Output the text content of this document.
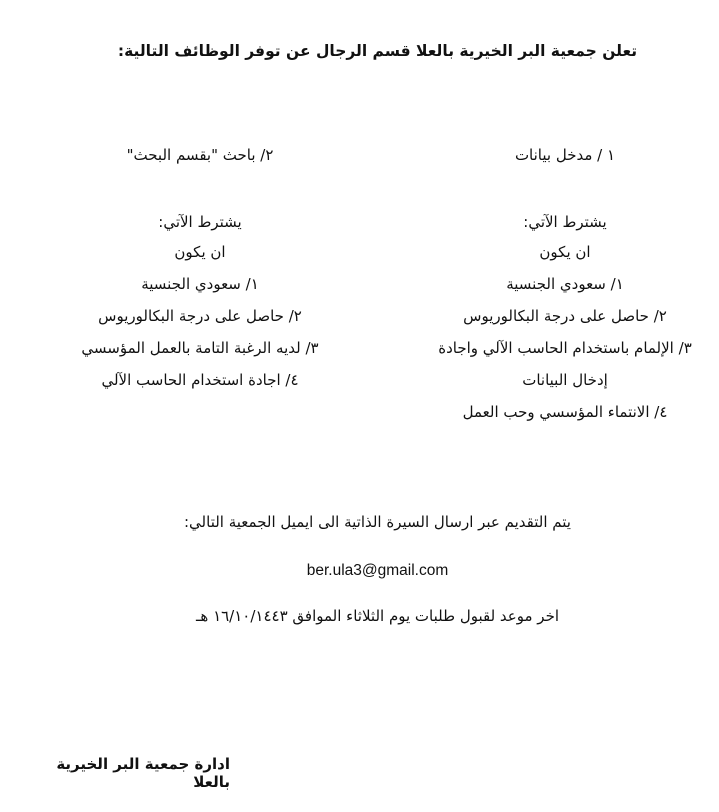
تعلن جمعية البر الخيرية بالعلا قسم الرجال عن توفر الوظائف التالية:
١ / مدخل بيانات
يشترط الآتي:
ان يكون
١/ سعودي الجنسية
٢/ حاصل على درجة البكالوريوس
٣/ الإلمام باستخدام الحاسب الآلي واجادة
إدخال البيانات
٤/ الانتماء المؤسسي وحب العمل
٢/ باحث "بقسم البحث"
يشترط الآتي:
ان يكون
١/ سعودي الجنسية
٢/ حاصل على درجة البكالوريوس
٣/ لديه الرغبة التامة بالعمل المؤسسي
٤/ اجادة استخدام الحاسب الآلي
يتم التقديم عبر ارسال السيرة الذاتية الى ايميل الجمعية التالي:
ber.ula3@gmail.com
اخر موعد لقبول طلبات يوم الثلاثاء الموافق ١٦/١٠/١٤٤٣ هـ
ادارة جمعية البر الخيرية بالعلا
